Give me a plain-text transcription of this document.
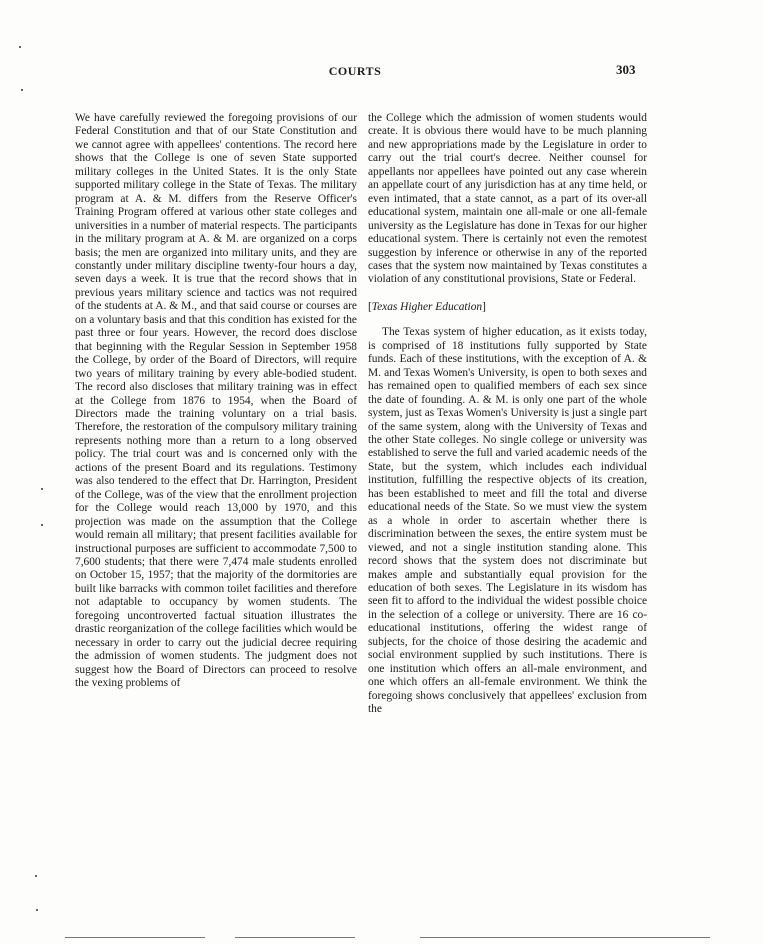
COURTS	303

We have carefully reviewed the foregoing provisions of our Federal Constitution and that of our State Constitution and we cannot agree with appellees' contentions. The record here shows that the College is one of seven State supported military colleges in the United States. It is the only State supported military college in the State of Texas. The military program at A. & M. differs from the Reserve Officer's Training Program offered at various other state colleges and universities in a number of material respects. The participants in the military program at A. & M. are organized on a corps basis; the men are organized into military units, and they are constantly under military discipline twenty-four hours a day, seven days a week. It is true that the record shows that in previous years military science and tactics was not required of the students at A. & M., and that said course or courses are on a voluntary basis and that this condition has existed for the past three or four years. However, the record does disclose that beginning with the Regular Session in September 1958 the College, by order of the Board of Directors, will require two years of military training by every able-bodied student. The record also discloses that military training was in effect at the College from 1876 to 1954, when the Board of Directors made the training voluntary on a trial basis. Therefore, the restoration of the compulsory military training represents nothing more than a return to a long observed policy. The trial court was and is concerned only with the actions of the present Board and its regulations. Testimony was also tendered to the effect that Dr. Harrington, President of the College, was of the view that the enrollment projection for the College would reach 13,000 by 1970, and this projection was made on the assumption that the College would remain all military; that present facilities available for instructional purposes are sufficient to accommodate 7,500 to 7,600 students; that there were 7,474 male students enrolled on October 15, 1957; that the majority of the dormitories are built like barracks with common toilet facilities and therefore not adaptable to occupancy by women students. The foregoing uncontroverted factual situation illustrates the drastic reorganization of the college facilities which would be necessary in order to carry out the judicial decree requiring the admission of women students. The judgment does not suggest how the Board of Directors can proceed to resolve the vexing problems of

the College which the admission of women students would create. It is obvious there would have to be much planning and new appropriations made by the Legislature in order to carry out the trial court's decree. Neither counsel for appellants nor appellees have pointed out any case wherein an appellate court of any jurisdiction has at any time held, or even intimated, that a state cannot, as a part of its over-all educational system, maintain one all-male or one all-female university as the Legislature has done in Texas for our higher educational system. There is certainly not even the remotest suggestion by inference or otherwise in any of the reported cases that the system now maintained by Texas constitutes a violation of any constitutional provisions, State or Federal.

[Texas Higher Education]

The Texas system of higher education, as it exists today, is comprised of 18 institutions fully supported by State funds. Each of these institutions, with the exception of A. & M. and Texas Women's University, is open to both sexes and has remained open to qualified members of each sex since the date of founding. A. & M. is only one part of the whole system, just as Texas Women's University is just a single part of the same system, along with the University of Texas and the other State colleges. No single college or university was established to serve the full and varied academic needs of the State, but the system, which includes each individual institution, fulfilling the respective objects of its creation, has been established to meet and fill the total and diverse educational needs of the State. So we must view the system as a whole in order to ascertain whether there is discrimination between the sexes, the entire system must be viewed, and not a single institution standing alone. This record shows that the system does not discriminate but makes ample and substantially equal provision for the education of both sexes. The Legislature in its wisdom has seen fit to afford to the individual the widest possible choice in the selection of a college or university. There are 16 co-educational institutions, offering the widest range of subjects, for the choice of those desiring the academic and social environment supplied by such institutions. There is one institution which offers an all-male environment, and one which offers an all-female environment. We think the foregoing shows conclusively that appellees' exclusion from the
